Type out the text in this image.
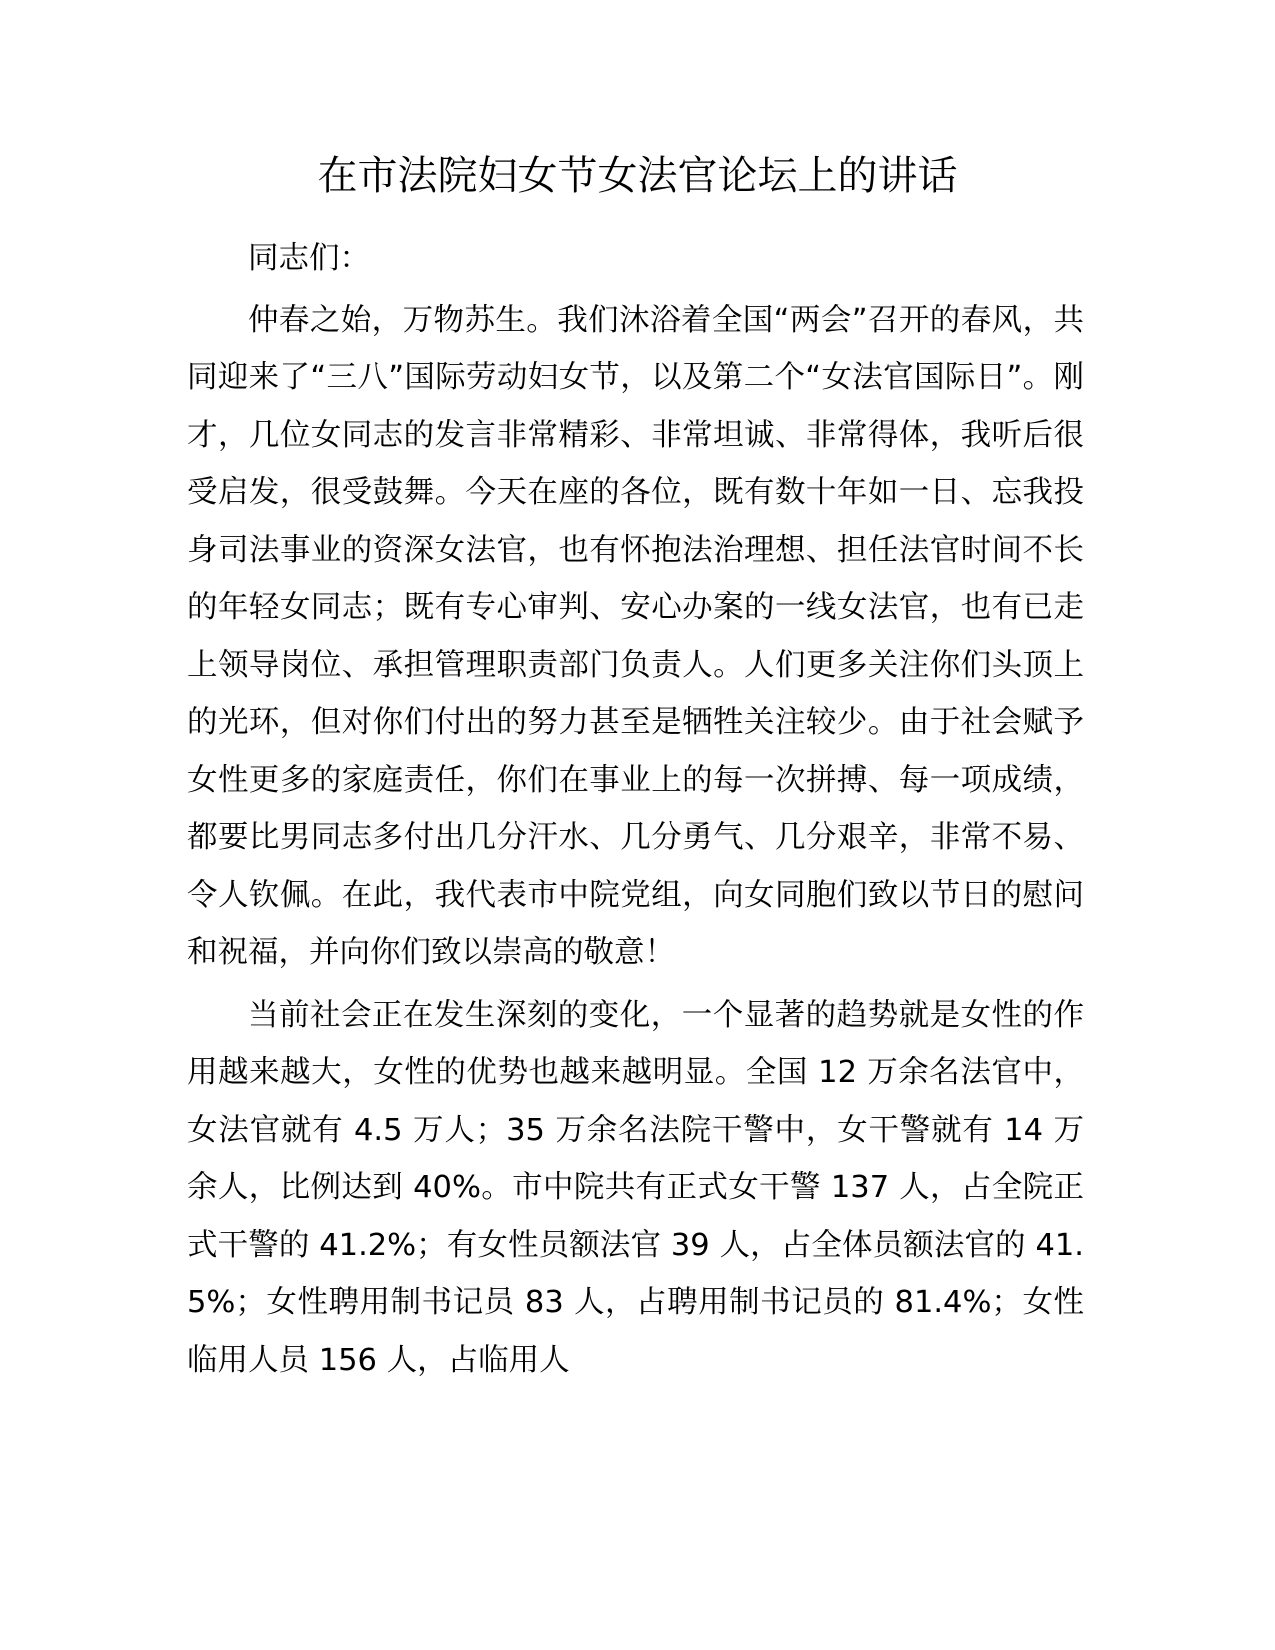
在市法院妇女节女法官论坛上的讲话

同志们：

仲春之始，万物苏生。我们沐浴着全国“两会”召开的春风，共同迎来了“三八”国际劳动妇女节，以及第二个“女法官国际日”。刚才，几位女同志的发言非常精彩、非常坦诚、非常得体，我听后很受启发，很受鼓舞。今天在座的各位，既有数十年如一日、忘我投身司法事业的资深女法官，也有怀抱法治理想、担任法官时间不长的年轻女同志；既有专心审判、安心办案的一线女法官，也有已走上领导岗位、承担管理职责部门负责人。人们更多关注你们头顶上的光环，但对你们付出的努力甚至是牺牲关注较少。由于社会赋予女性更多的家庭责任，你们在事业上的每一次拼搏、每一项成绩，都要比男同志多付出几分汗水、几分勇气、几分艰辛，非常不易、令人钦佩。在此，我代表市中院党组，向女同胞们致以节日的慰问和祝福，并向你们致以崇高的敬意！

当前社会正在发生深刻的变化，一个显著的趋势就是女性的作用越来越大，女性的优势也越来越明显。全国 12 万余名法官中，女法官就有 4.5 万人；35 万余名法院干警中，女干警就有 14 万余人，比例达到 40%。市中院共有正式女干警 137 人，占全院正式干警的 41.2%；有女性员额法官 39 人，占全体员额法官的 41.5%；女性聘用制书记员 83 人，占聘用制书记员的 81.4%；女性临用人员 156 人，占临用人
